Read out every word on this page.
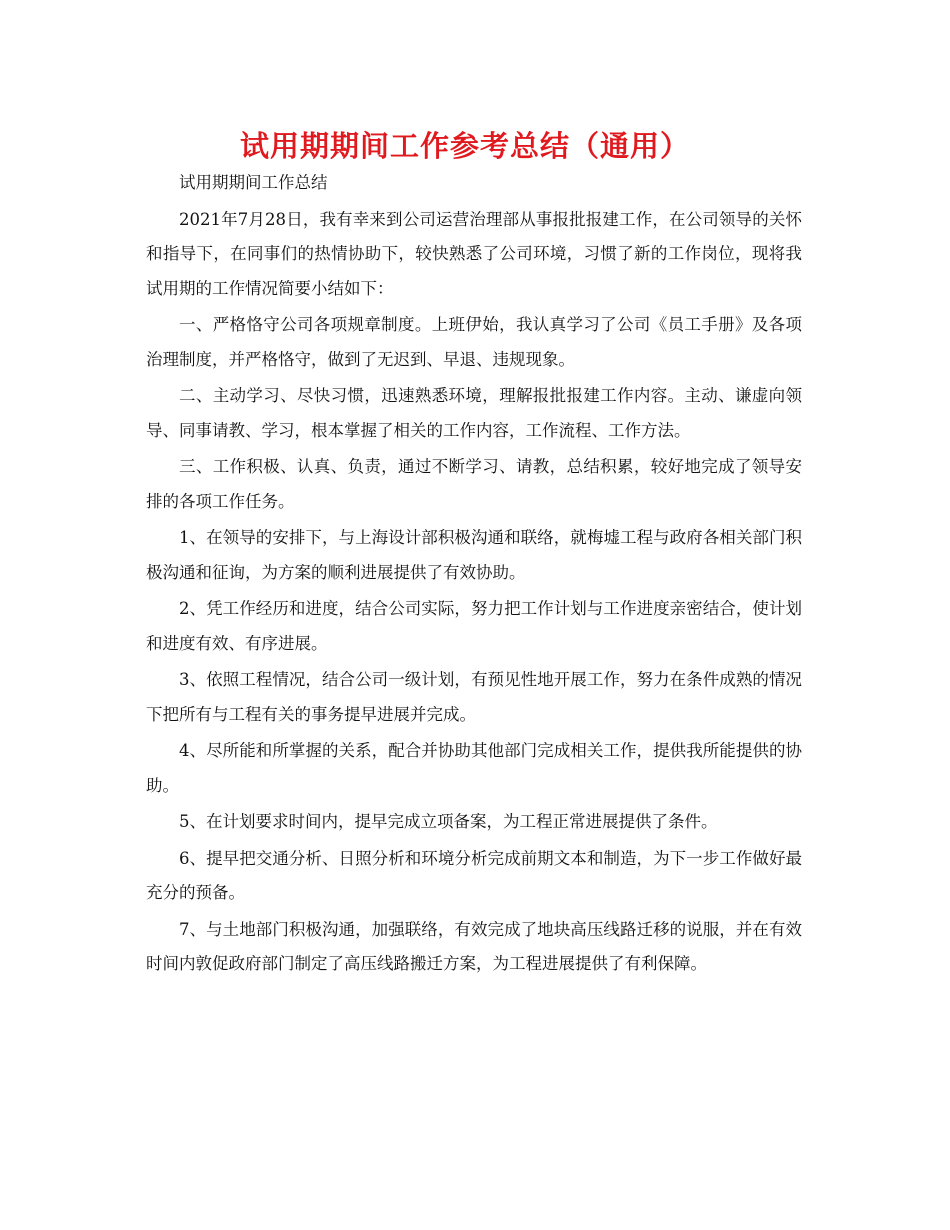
试用期期间工作参考总结（通用）

试用期期间工作总结

2021年7月28日，我有幸来到公司运营治理部从事报批报建工作，在公司领导的关怀和指导下，在同事们的热情协助下，较快熟悉了公司环境，习惯了新的工作岗位，现将我试用期的工作情况简要小结如下：

一、严格恪守公司各项规章制度。上班伊始，我认真学习了公司《员工手册》及各项治理制度，并严格恪守，做到了无迟到、早退、违规现象。

二、主动学习、尽快习惯，迅速熟悉环境，理解报批报建工作内容。主动、谦虚向领导、同事请教、学习，根本掌握了相关的工作内容，工作流程、工作方法。

三、工作积极、认真、负责，通过不断学习、请教，总结积累，较好地完成了领导安排的各项工作任务。

1、在领导的安排下，与上海设计部积极沟通和联络，就梅墟工程与政府各相关部门积极沟通和征询，为方案的顺利进展提供了有效协助。

2、凭工作经历和进度，结合公司实际，努力把工作计划与工作进度亲密结合，使计划和进度有效、有序进展。

3、依照工程情况，结合公司一级计划，有预见性地开展工作，努力在条件成熟的情况下把所有与工程有关的事务提早进展并完成。

4、尽所能和所掌握的关系，配合并协助其他部门完成相关工作，提供我所能提供的协助。

5、在计划要求时间内，提早完成立项备案，为工程正常进展提供了条件。

6、提早把交通分析、日照分析和环境分析完成前期文本和制造，为下一步工作做好最充分的预备。

7、与土地部门积极沟通，加强联络，有效完成了地块高压线路迁移的说服，并在有效时间内敦促政府部门制定了高压线路搬迁方案，为工程进展提供了有利保障。
